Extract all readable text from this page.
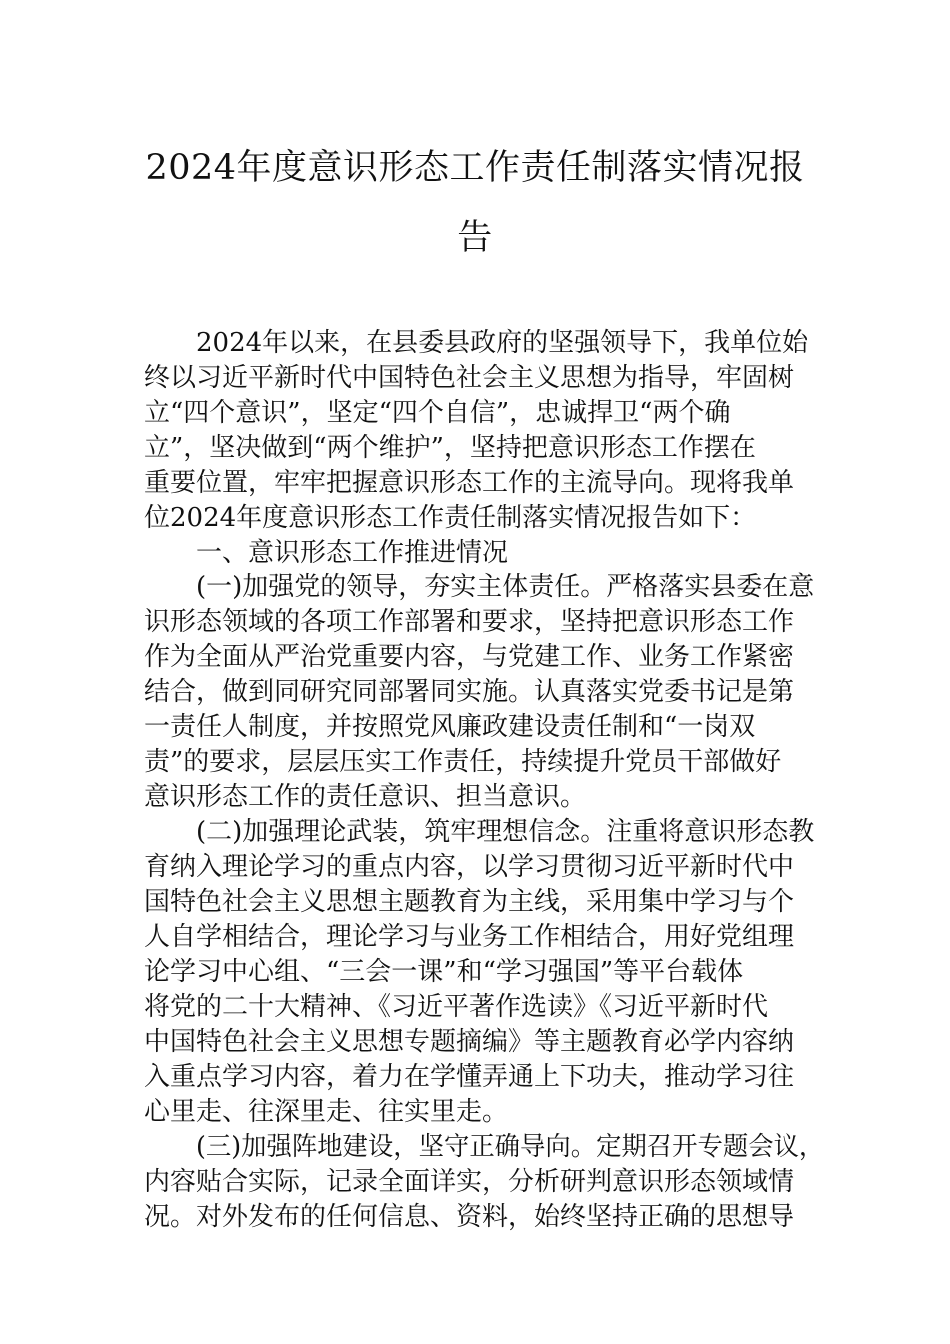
2024年度意识形态工作责任制落实情况报
告

2024年以来，在县委县政府的坚强领导下，我单位始

终以习近平新时代中国特色社会主义思想为指导，牢固树

立“四个意识”，坚定“四个自信”，忠诚捍卫“两个确

立”，坚决做到“两个维护”，坚持把意识形态工作摆在

重要位置，牢牢把握意识形态工作的主流导向。现将我单

位2024年度意识形态工作责任制落实情况报告如下：

一、意识形态工作推进情况

(一)加强党的领导，夯实主体责任。严格落实县委在意

识形态领域的各项工作部署和要求，坚持把意识形态工作

作为全面从严治党重要内容，与党建工作、业务工作紧密

结合，做到同研究同部署同实施。认真落实党委书记是第

一责任人制度，并按照党风廉政建设责任制和“一岗双

责”的要求，层层压实工作责任，持续提升党员干部做好

意识形态工作的责任意识、担当意识。

(二)加强理论武装，筑牢理想信念。注重将意识形态教

育纳入理论学习的重点内容，以学习贯彻习近平新时代中

国特色社会主义思想主题教育为主线，采用集中学习与个

人自学相结合，理论学习与业务工作相结合，用好党组理

论学习中心组、“三会一课”和“学习强国”等平台载体

将党的二十大精神、《习近平著作选读》《习近平新时代

中国特色社会主义思想专题摘编》等主题教育必学内容纳

入重点学习内容，着力在学懂弄通上下功夫，推动学习往

心里走、往深里走、往实里走。

(三)加强阵地建设，坚守正确导向。定期召开专题会议，

内容贴合实际，记录全面详实，分析研判意识形态领域情

况。对外发布的任何信息、资料，始终坚持正确的思想导
